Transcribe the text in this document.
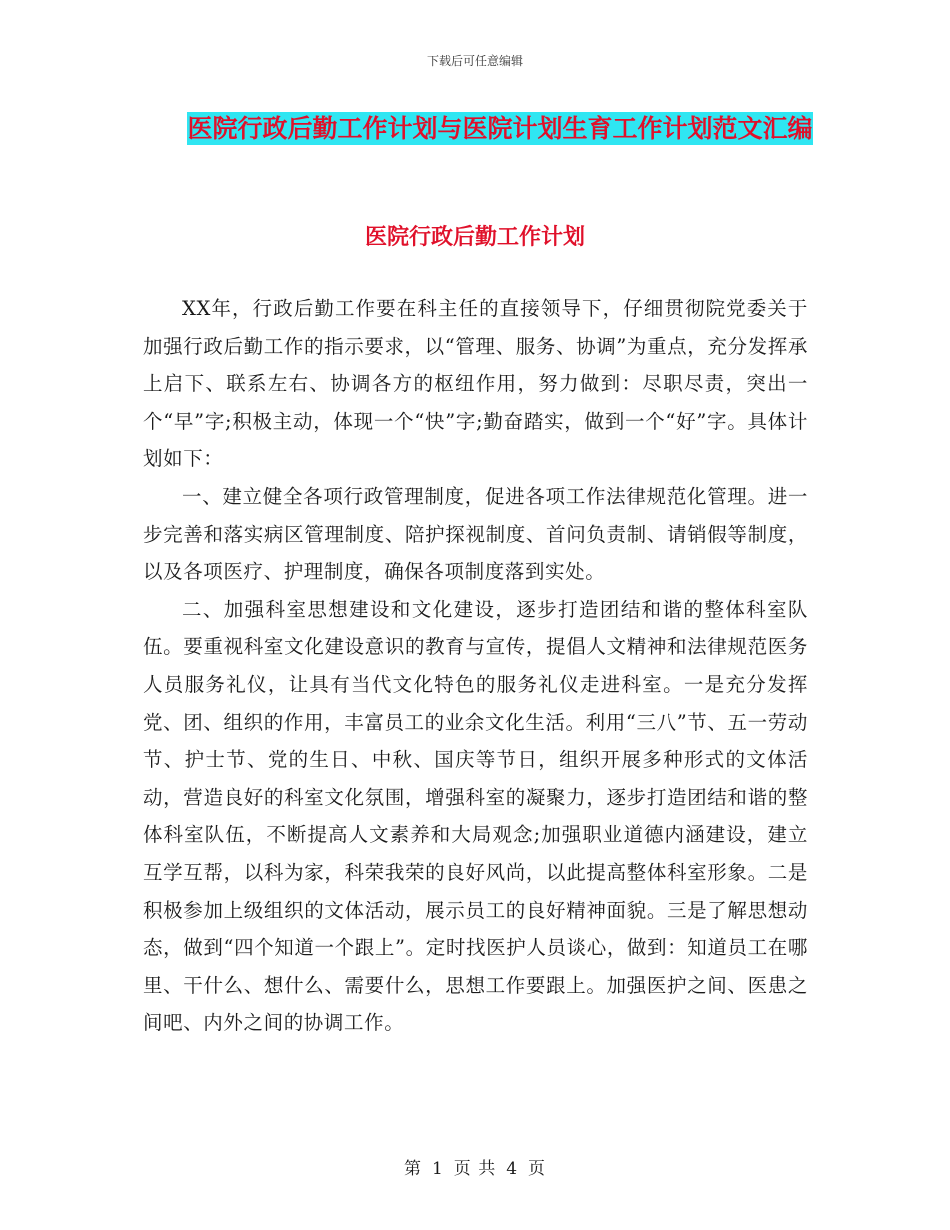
下载后可任意编辑
医院行政后勤工作计划与医院计划生育工作计划范文汇编
医院行政后勤工作计划

XX年，行政后勤工作要在科主任的直接领导下，仔细贯彻院党委关于加强行政后勤工作的指示要求，以“管理、服务、协调”为重点，充分发挥承上启下、联系左右、协调各方的枢纽作用，努力做到：尽职尽责，突出一个“早”字;积极主动，体现一个“快”字;勤奋踏实，做到一个“好”字。具体计划如下：

一、建立健全各项行政管理制度，促进各项工作法律规范化管理。进一步完善和落实病区管理制度、陪护探视制度、首问负责制、请销假等制度，以及各项医疗、护理制度，确保各项制度落到实处。

二、加强科室思想建设和文化建设，逐步打造团结和谐的整体科室队伍。要重视科室文化建设意识的教育与宣传，提倡人文精神和法律规范医务人员服务礼仪，让具有当代文化特色的服务礼仪走进科室。一是充分发挥党、团、组织的作用，丰富员工的业余文化生活。利用“三八”节、五一劳动节、护士节、党的生日、中秋、国庆等节日，组织开展多种形式的文体活动，营造良好的科室文化氛围，增强科室的凝聚力，逐步打造团结和谐的整体科室队伍，不断提高人文素养和大局观念;加强职业道德内涵建设，建立互学互帮，以科为家，科荣我荣的良好风尚，以此提高整体科室形象。二是积极参加上级组织的文体活动，展示员工的良好精神面貌。三是了解思想动态，做到“四个知道一个跟上”。定时找医护人员谈心，做到：知道员工在哪里、干什么、想什么、需要什么，思想工作要跟上。加强医护之间、医患之间吧、内外之间的协调工作。

第 1 页 共 4 页
